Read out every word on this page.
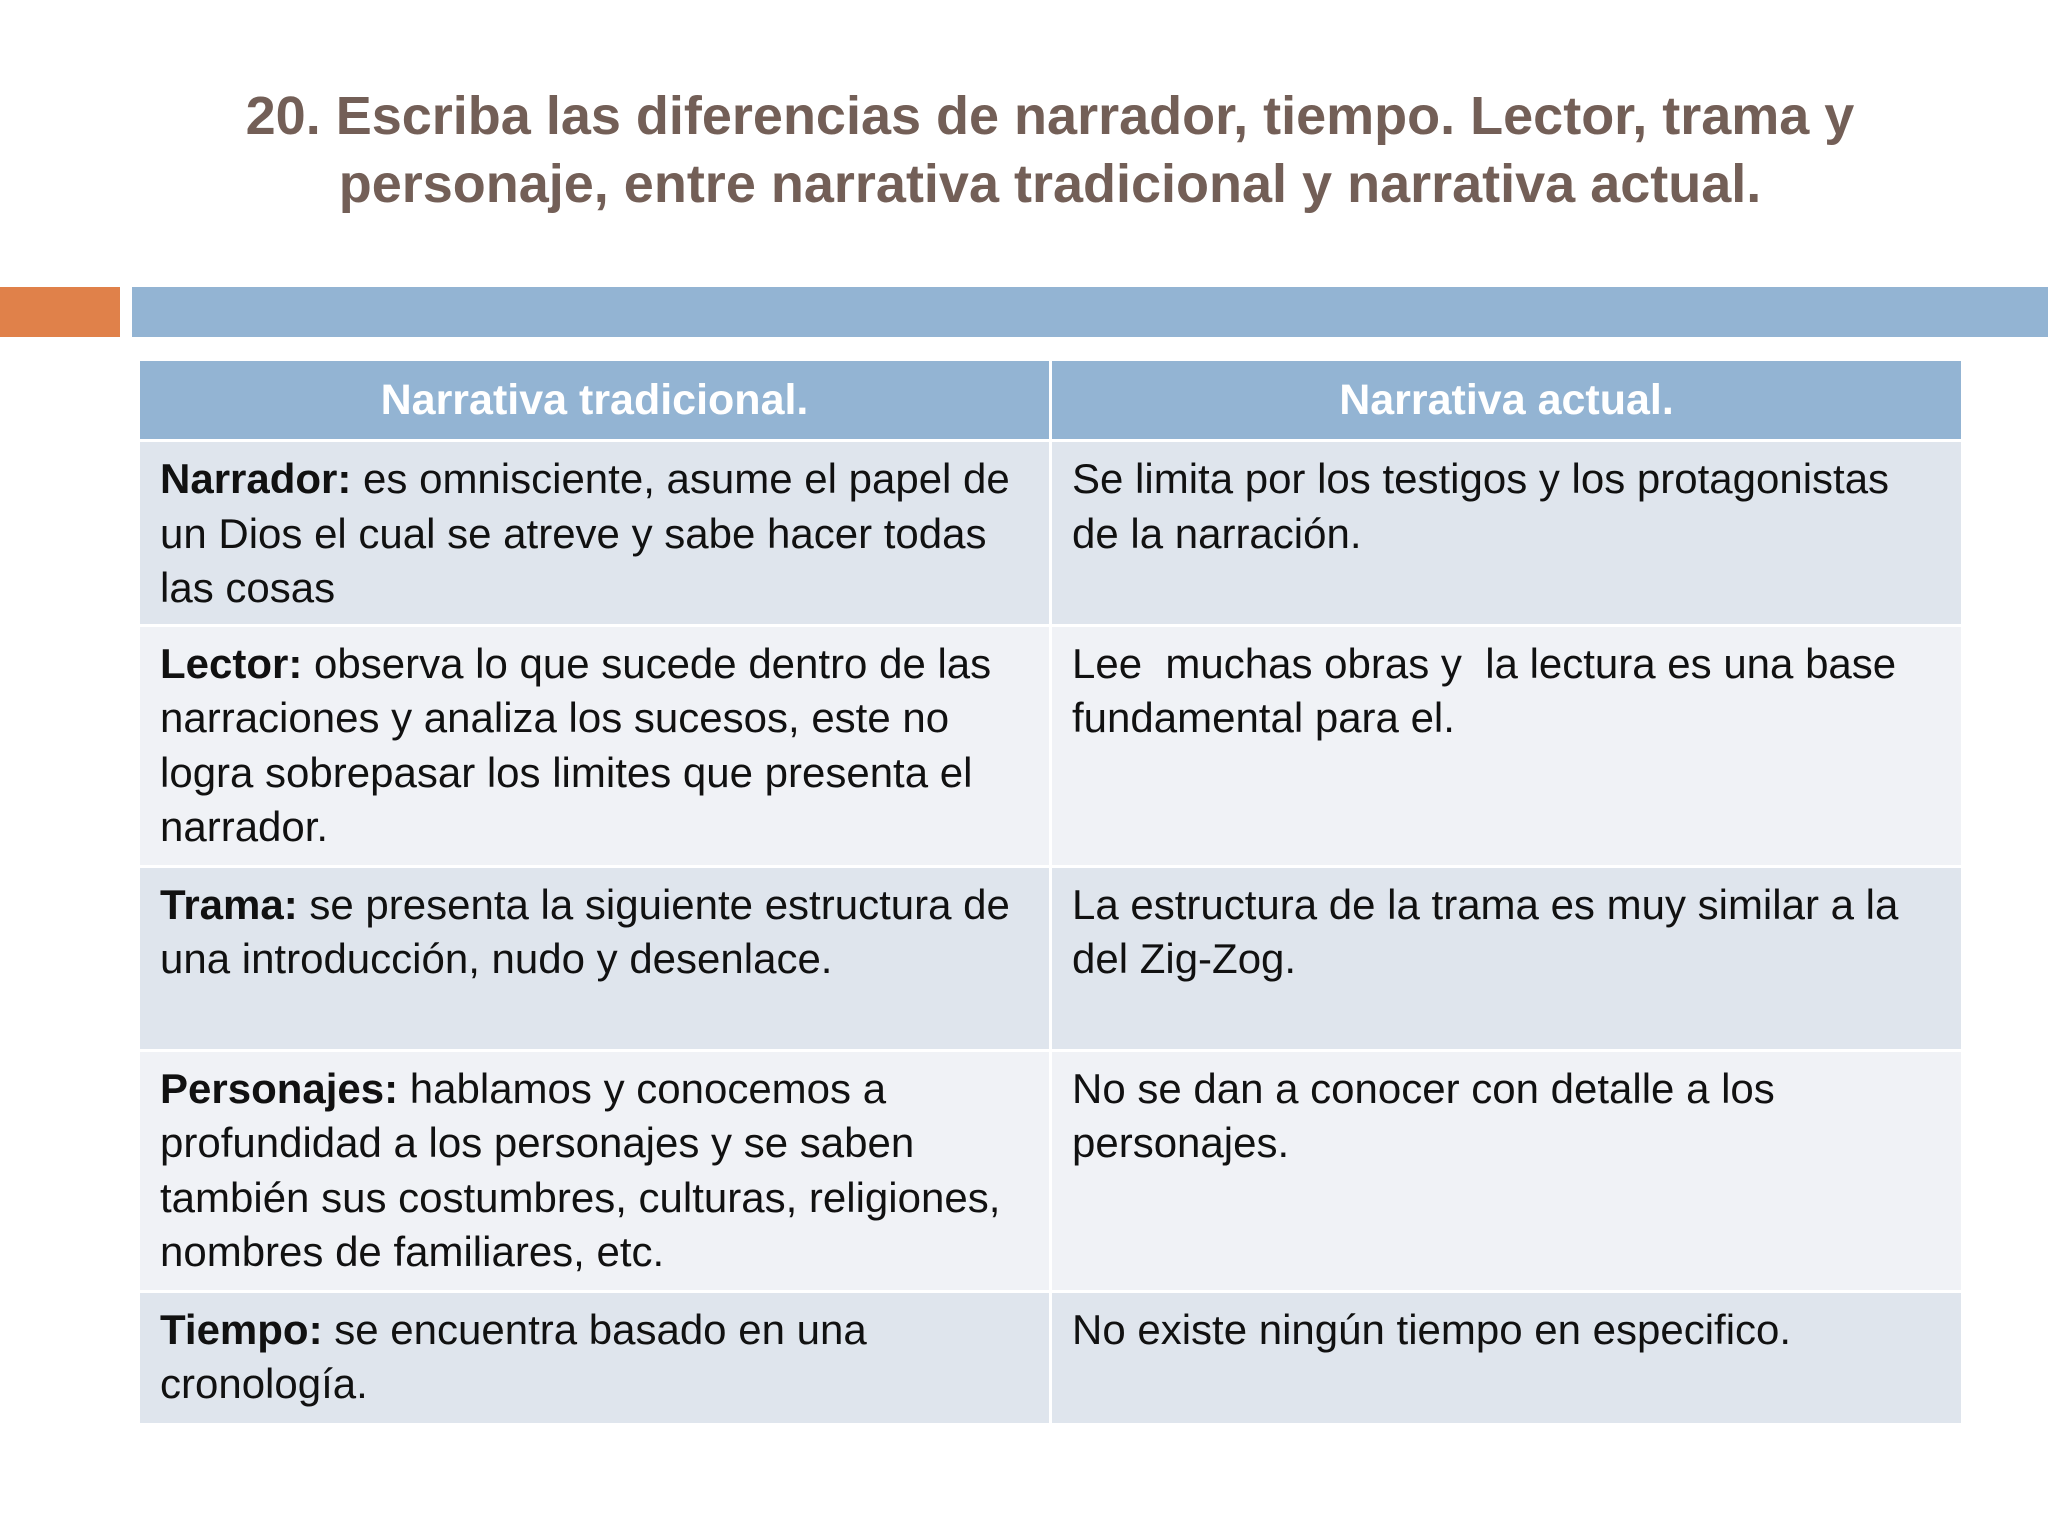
20. Escriba las diferencias de narrador, tiempo. Lector, trama y
personaje, entre narrativa tradicional y narrativa actual.
Narrativa tradicional.	Narrativa actual.
Narrador: es omnisciente, asume el papel de un Dios el cual se atreve y sabe hacer todas las cosas	Se limita por los testigos y los protagonistas de la narración.
Lector: observa lo que sucede dentro de las narraciones y analiza los sucesos, este no logra sobrepasar los limites que presenta el narrador.	Lee  muchas obras y  la lectura es una base fundamental para el.
Trama: se presenta la siguiente estructura de una introducción, nudo y desenlace.	La estructura de la trama es muy similar a la del Zig-Zog.
Personajes: hablamos y conocemos a profundidad a los personajes y se saben también sus costumbres, culturas, religiones, nombres de familiares, etc.	No se dan a conocer con detalle a los personajes.
Tiempo: se encuentra basado en una cronología.	No existe ningún tiempo en especifico.
